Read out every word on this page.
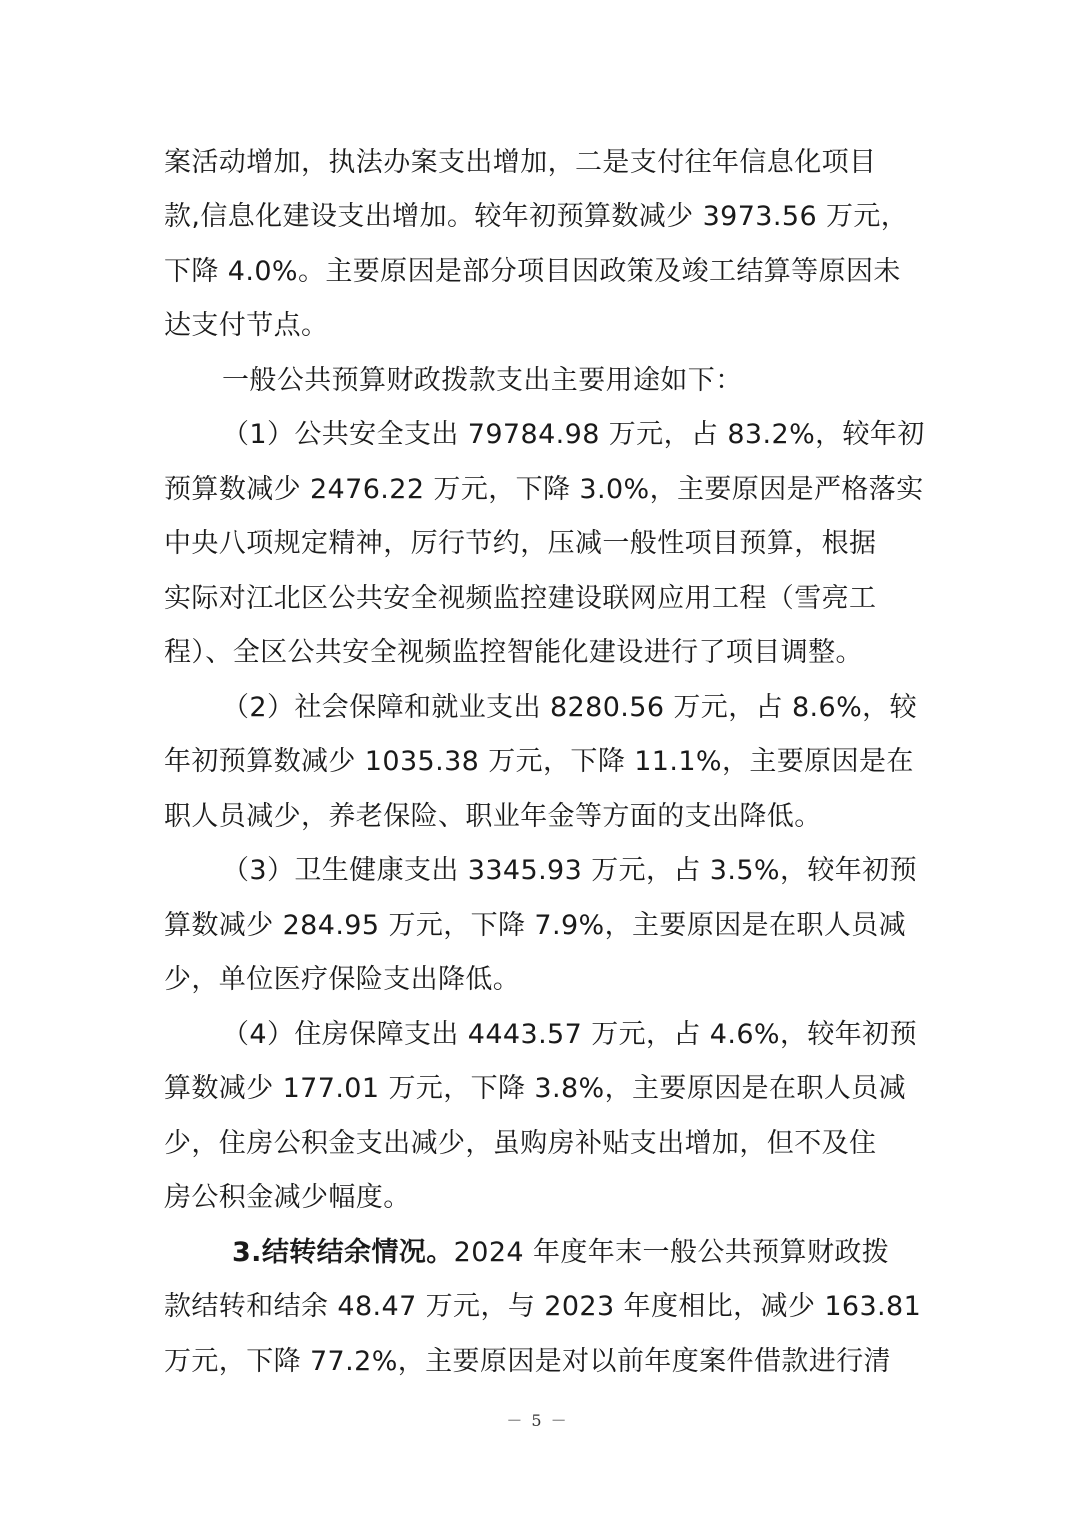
案活动增加，执法办案支出增加，二是支付往年信息化项目
款,信息化建设支出增加。较年初预算数减少 3973.56 万元，
下降 4.0%。主要原因是部分项目因政策及竣工结算等原因未
达支付节点。
一般公共预算财政拨款支出主要用途如下：
（1）公共安全支出 79784.98 万元，占 83.2%，较年初
预算数减少 2476.22 万元，下降 3.0%，主要原因是严格落实
中央八项规定精神，厉行节约，压减一般性项目预算，根据
实际对江北区公共安全视频监控建设联网应用工程（雪亮工
程）、全区公共安全视频监控智能化建设进行了项目调整。
（2）社会保障和就业支出 8280.56 万元，占 8.6%，较
年初预算数减少 1035.38 万元，下降 11.1%，主要原因是在
职人员减少，养老保险、职业年金等方面的支出降低。
（3）卫生健康支出 3345.93 万元，占 3.5%，较年初预
算数减少 284.95 万元，下降 7.9%，主要原因是在职人员减
少，单位医疗保险支出降低。
（4）住房保障支出 4443.57 万元，占 4.6%，较年初预
算数减少 177.01 万元，下降 3.8%，主要原因是在职人员减
少，住房公积金支出减少，虽购房补贴支出增加，但不及住
房公积金减少幅度。
3.结转结余情况。2024 年度年末一般公共预算财政拨
款结转和结余 48.47 万元，与 2023 年度相比，减少 163.81
万元，下降 77.2%，主要原因是对以前年度案件借款进行清
－ 5 －
